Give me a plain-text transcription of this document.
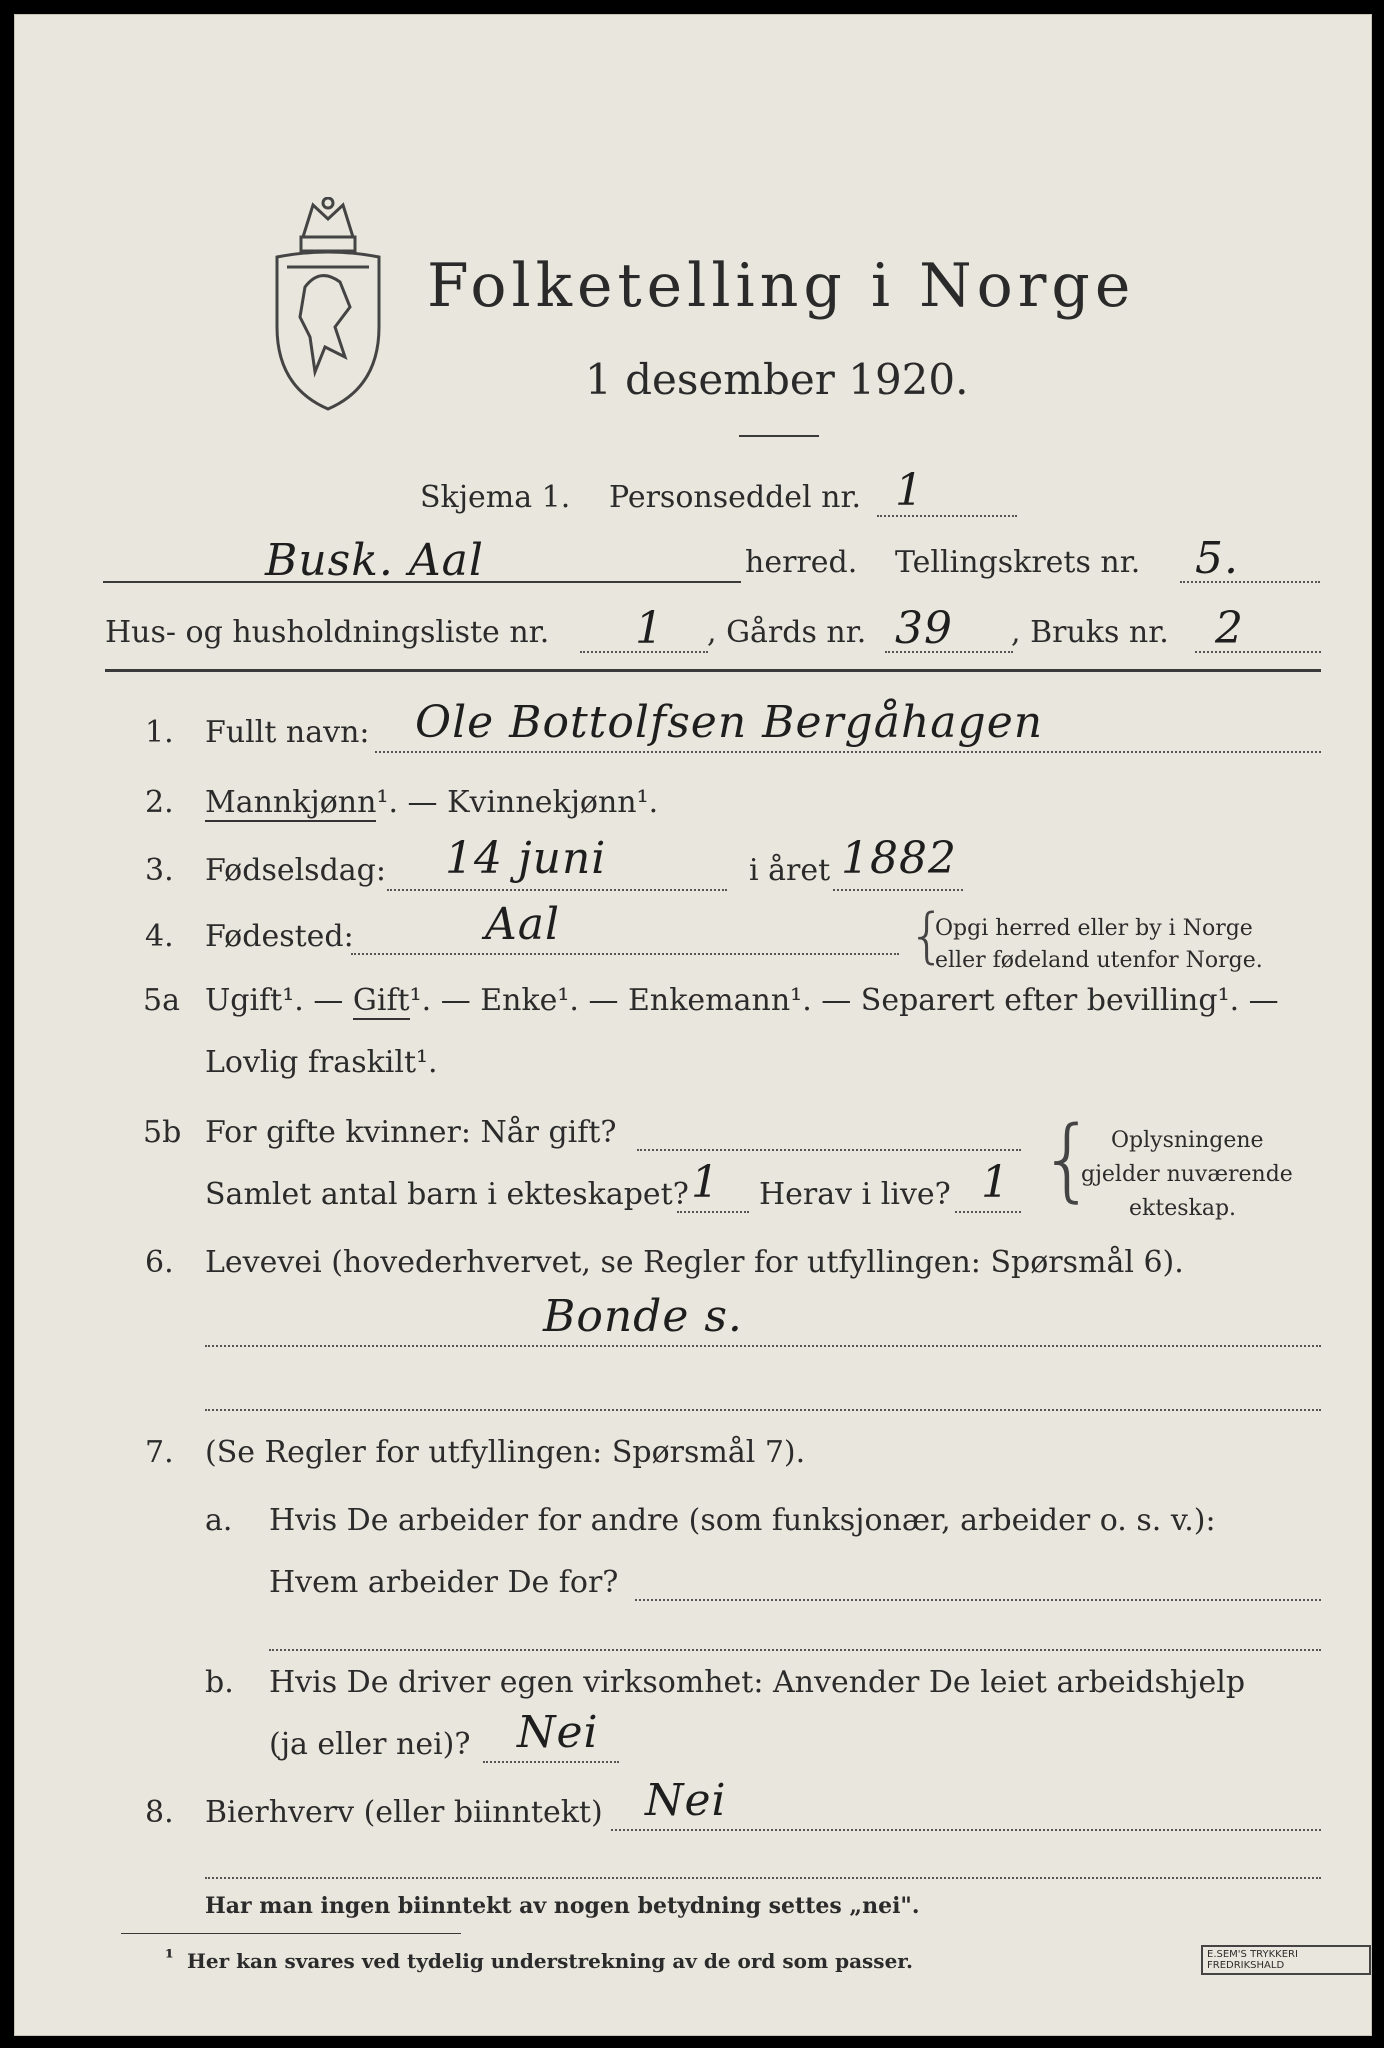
Folketelling i Norge
1 desember 1920.
Skjema 1. Personseddel nr. 1
Busk. Aal	herred. Tellingskrets nr. 5.
Hus- og husholdningsliste nr. 1 , Gårds nr. 39 , Bruks nr. 2
1. Fullt navn: Ole Bottolfsen Bergåhagen
2. Mannkjønn¹. — Kvinnekjønn¹.
3. Fødselsdag: 14 juni	i året 1882
4. Fødested:	Aal	{
Opgi herred eller by i Norge
eller fødeland utenfor Norge.
5a Ugift¹. — Gift¹. — Enke¹. — Enkemann¹. — Separert efter bevilling¹. —
Lovlig fraskilt¹.
5b For gifte kvinner: Når gift?
Samlet antal barn i ekteskapet? 1 Herav i live? 1 { Oplysningene
gjelder nuværende
ekteskap.
6. Levevei (hovederhvervet, se Regler for utfyllingen: Spørsmål 6).
Bonde s.
7. (Se Regler for utfyllingen: Spørsmål 7).
a. Hvis De arbeider for andre (som funksjonær, arbeider o. s. v.):
Hvem arbeider De for?
b. Hvis De driver egen virksomhet: Anvender De leiet arbeidshjelp
(ja eller nei)? Nei
8. Bierhverv (eller biinntekt) Nei
Har man ingen biinntekt av nogen betydning settes „nei".
¹ Her kan svares ved tydelig understrekning av de ord som passer.	E.SEM'S TRYKKERI FREDRIKSHALD
